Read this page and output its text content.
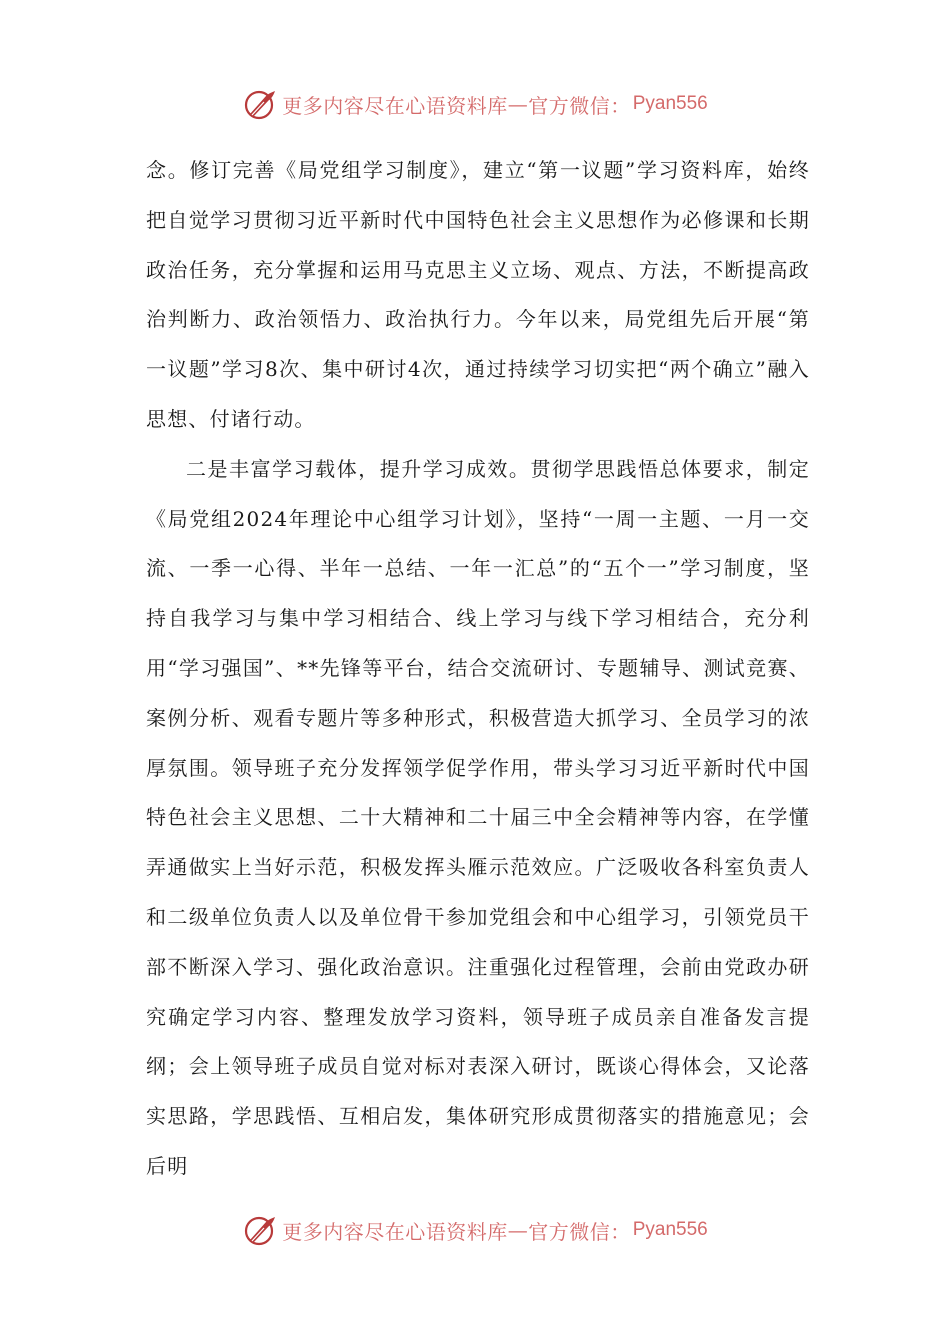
更多内容尽在心语资料库 — 官方微信： Pyan556

念。修订完善《局党组学习制度》，建立“第一议题”学习资料库，始终把自觉学习贯彻习近平新时代中国特色社会主义思想作为必修课和长期政治任务，充分掌握和运用马克思主义立场、观点、方法，不断提高政治判断力、政治领悟力、政治执行力。今年以来，局党组先后开展“第一议题”学习8次、集中研讨4次，通过持续学习切实把“两个确立”融入思想、付诸行动。

二是丰富学习载体，提升学习成效。贯彻学思践悟总体要求，制定《局党组2024年理论中心组学习计划》，坚持“一周一主题、一月一交流、一季一心得、半年一总结、一年一汇总”的“五个一”学习制度，坚持自我学习与集中学习相结合、线上学习与线下学习相结合，充分利用“学习强国”、**先锋等平台，结合交流研讨、专题辅导、测试竞赛、案例分析、观看专题片等多种形式，积极营造大抓学习、全员学习的浓厚氛围。领导班子充分发挥领学促学作用，带头学习习近平新时代中国特色社会主义思想、二十大精神和二十届三中全会精神等内容，在学懂弄通做实上当好示范，积极发挥头雁示范效应。广泛吸收各科室负责人和二级单位负责人以及单位骨干参加党组会和中心组学习，引领党员干部不断深入学习、强化政治意识。注重强化过程管理，会前由党政办研究确定学习内容、整理发放学习资料，领导班子成员亲自准备发言提纲；会上领导班子成员自觉对标对表深入研讨，既谈心得体会，又论落实思路，学思践悟、互相启发，集体研究形成贯彻落实的措施意见；会后明

更多内容尽在心语资料库 — 官方微信： Pyan556
